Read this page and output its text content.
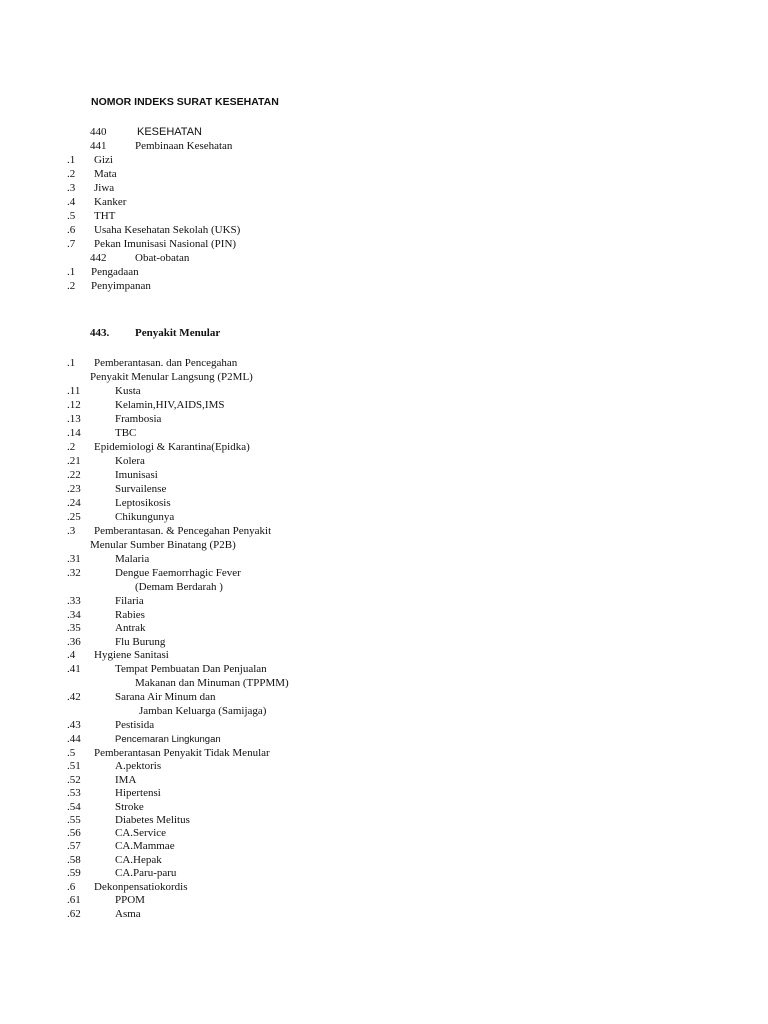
NOMOR INDEKS SURAT KESEHATAN
440	KESEHATAN
441	Pembinaan Kesehatan
.1 Gizi
.2 Mata
.3 Jiwa
.4 Kanker
.5 THT
.6 Usaha Kesehatan Sekolah (UKS)
.7 Pekan Imunisasi Nasional (PIN)
442	Obat-obatan
.1 Pengadaan
.2 Penyimpanan
443. Penyakit Menular
.1 Pemberantasan. dan Pencegahan
Penyakit Menular Langsung (P2ML)
.11	Kusta
.12	Kelamin,HIV,AIDS,IMS
.13	Frambosia
.14	TBC
.2 Epidemiologi & Karantina(Epidka)
.21	Kolera
.22	Imunisasi
.23	Survailense
.24	Leptosikosis
.25	Chikungunya
.3 Pemberantasan. & Pencegahan Penyakit
Menular Sumber Binatang (P2B)
.31	Malaria
.32	Dengue Faemorrhagic Fever
(Demam Berdarah )
.33	Filaria
.34	Rabies
.35	Antrak
.36	Flu Burung
.4 Hygiene Sanitasi
.41	Tempat Pembuatan Dan Penjualan
Makanan dan Minuman (TPPMM)
.42	Sarana Air Minum dan
Jamban Keluarga (Samijaga)
.43	Pestisida
.44	Pencemaran Lingkungan
.5 Pemberantasan Penyakit Tidak Menular
.51	A.pektoris
.52	IMA
.53	Hipertensi
.54	Stroke
.55	Diabetes Melitus
.56	CA.Service
.57	CA.Mammae
.58	CA.Hepak
.59	CA.Paru-paru
.6 Dekonpensatiokordis
.61	PPOM
.62	Asma
